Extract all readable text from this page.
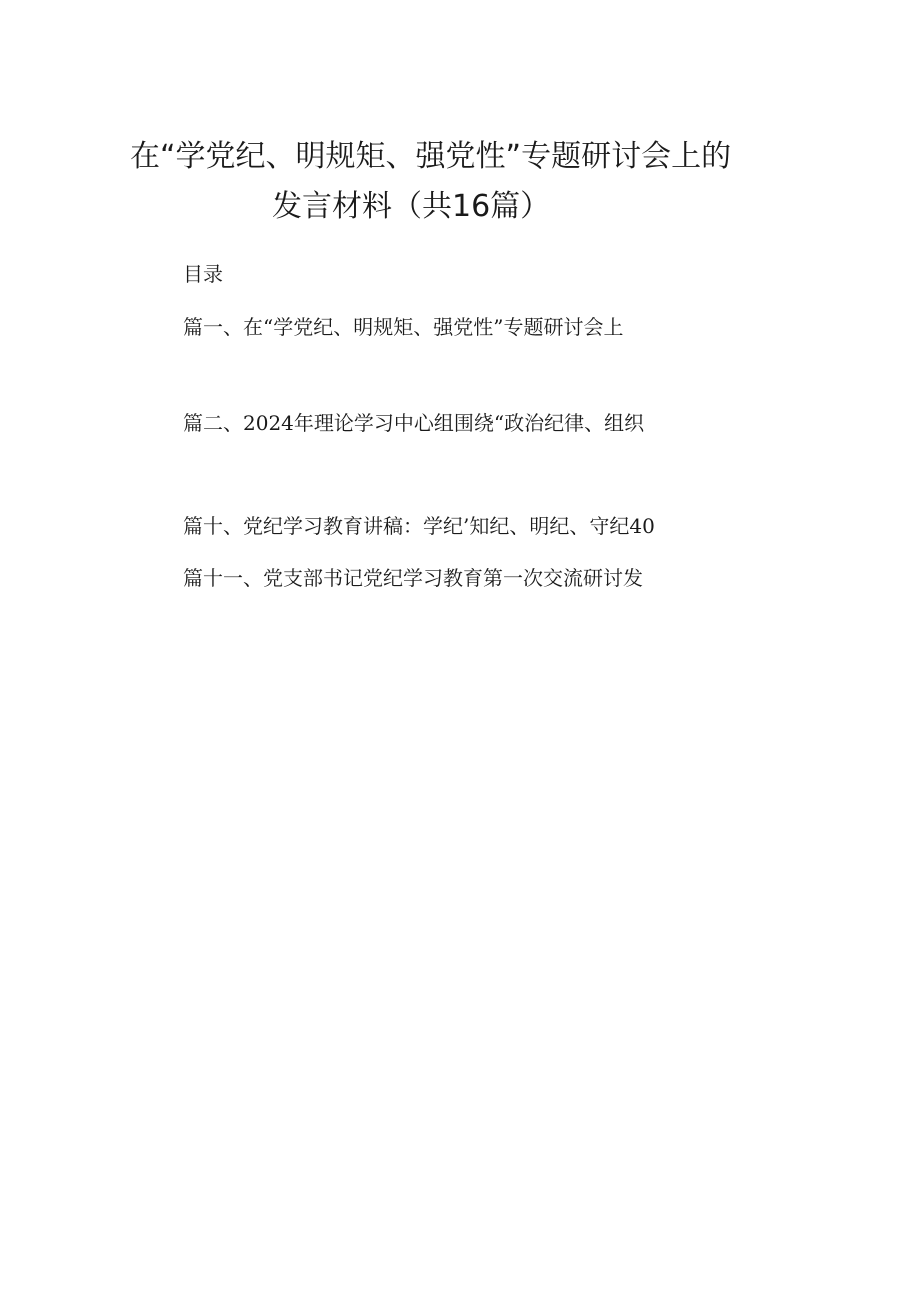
在“学党纪、明规矩、强党性”专题研讨会上的
发言材料（共16篇）
目录
篇一、在“学党纪、明规矩、强党性”专题研讨会上
篇二、2024年理论学习中心组围绕“政治纪律、组织
篇十、党纪学习教育讲稿：学纪’知纪、明纪、守纪40
篇十一、党支部书记党纪学习教育第一次交流研讨发
